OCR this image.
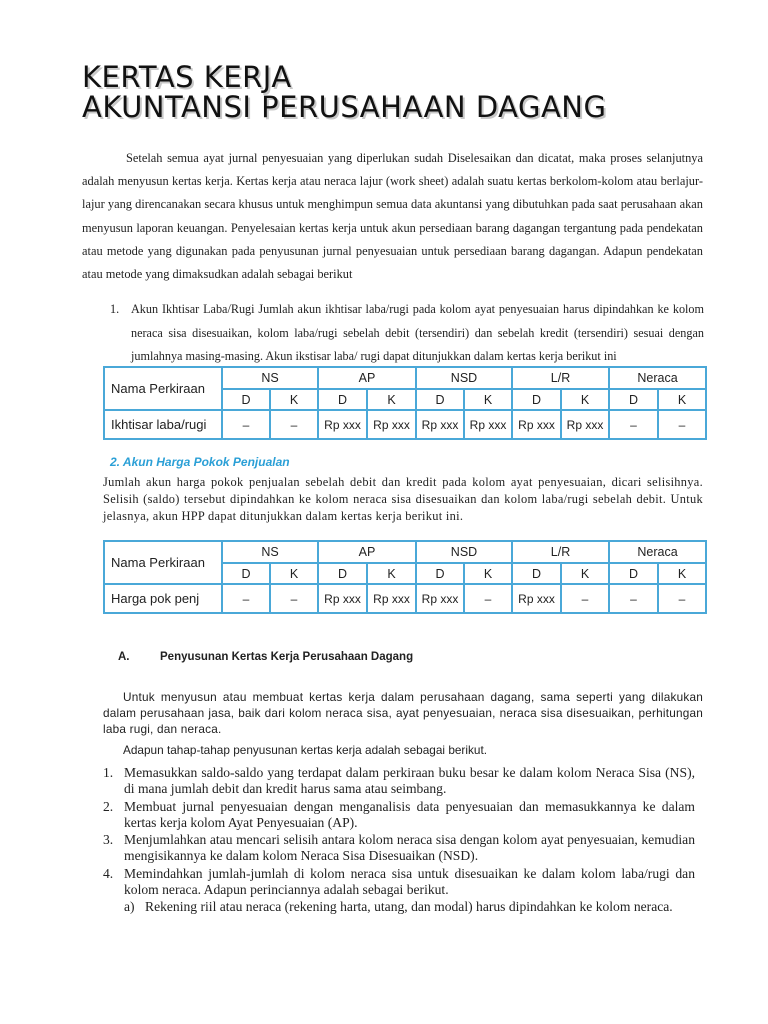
KERTAS KERJA
AKUNTANSI PERUSAHAAN DAGANG
Setelah semua ayat jurnal penyesuaian yang diperlukan sudah Diselesaikan dan dicatat, maka proses selanjutnya adalah menyusun kertas kerja. Kertas kerja atau neraca lajur (work sheet) adalah suatu kertas berkolom-kolom atau berlajur-lajur yang direncanakan secara khusus untuk menghimpun semua data akuntansi yang dibutuhkan pada saat perusahaan akan menyusun laporan keuangan. Penyelesaian kertas kerja untuk akun persediaan barang dagangan tergantung pada pendekatan atau metode yang digunakan pada penyusunan jurnal penyesuaian untuk persediaan barang dagangan. Adapun pendekatan atau metode yang dimaksudkan adalah sebagai berikut
1. Akun Ikhtisar Laba/Rugi Jumlah akun ikhtisar laba/rugi pada kolom ayat penyesuaian harus dipindahkan ke kolom neraca sisa disesuaikan, kolom laba/rugi sebelah debit (tersendiri) dan sebelah kredit (tersendiri) sesuai dengan jumlahnya masing-masing. Akun ikstisar laba/ rugi dapat ditunjukkan dalam kertas kerja berikut ini
Nama Perkiraan	NS		AP		NSD		L/R		Neraca	
	D	K	D	K	D	K	D	K	D	K
Ikhtisar laba/rugi	–	–	Rp xxx	Rp xxx	Rp xxx	Rp xxx	Rp xxx	Rp xxx	–	–
2. Akun Harga Pokok Penjualan
Jumlah akun harga pokok penjualan sebelah debit dan kredit pada kolom ayat penyesuaian, dicari selisihnya. Selisih (saldo) tersebut dipindahkan ke kolom neraca sisa disesuaikan dan kolom laba/rugi sebelah debit. Untuk jelasnya, akun HPP dapat ditunjukkan dalam kertas kerja berikut ini.
Nama Perkiraan	NS		AP		NSD		L/R		Neraca	
	D	K	D	K	D	K	D	K	D	K
Harga pok penj	–	–	Rp xxx	Rp xxx	Rp xxx	–	Rp xxx	–	–	–
A.	Penyusunan Kertas Kerja Perusahaan Dagang
Untuk menyusun atau membuat kertas kerja dalam perusahaan dagang, sama seperti yang dilakukan dalam perusahaan jasa, baik dari kolom neraca sisa, ayat penyesuaian, neraca sisa disesuaikan, perhitungan laba rugi, dan neraca.
Adapun tahap-tahap penyusunan kertas kerja adalah sebagai berikut.
1. Memasukkan saldo-saldo yang terdapat dalam perkiraan buku besar ke dalam kolom Neraca Sisa (NS), di mana jumlah debit dan kredit harus sama atau seimbang.
2. Membuat jurnal penyesuaian dengan menganalisis data penyesuaian dan memasukkannya ke dalam kertas kerja kolom Ayat Penyesuaian (AP).
3. Menjumlahkan atau mencari selisih antara kolom neraca sisa dengan kolom ayat penyesuaian, kemudian mengisikannya ke dalam kolom Neraca Sisa Disesuaikan (NSD).
4. Memindahkan jumlah-jumlah di kolom neraca sisa untuk disesuaikan ke dalam kolom laba/rugi dan kolom neraca. Adapun perinciannya adalah sebagai berikut.
a) Rekening riil atau neraca (rekening harta, utang, dan modal) harus dipindahkan ke kolom neraca.
